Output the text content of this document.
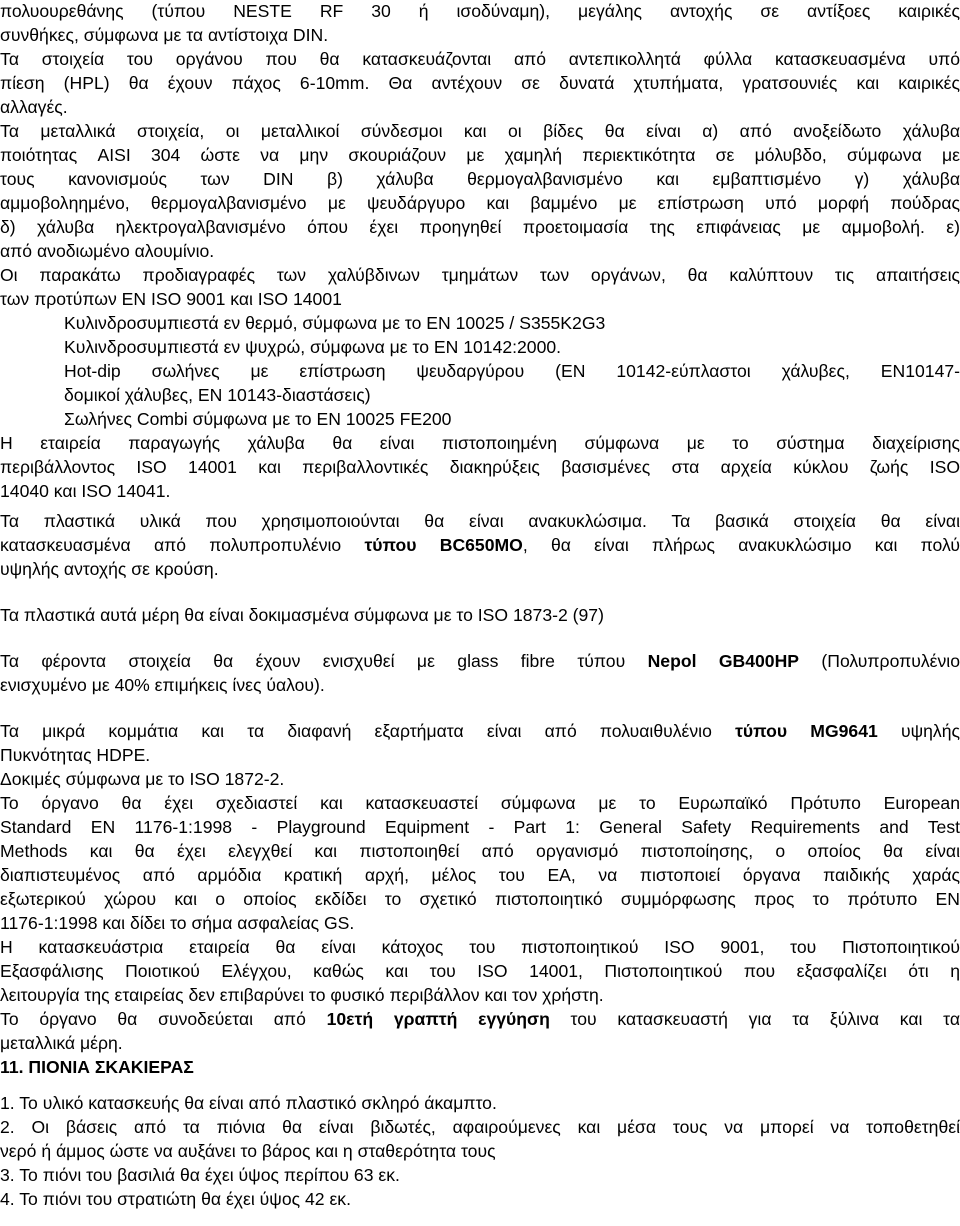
πολυουρεθάνης (τύπου NESTE RF 30 ή ισοδύναμη), μεγάλης αντοχής σε αντίξοες καιρικές
συνθήκες, σύμφωνα με τα αντίστοιχα DIN.
Τα στοιχεία του οργάνου που θα κατασκευάζονται από αντεπικολλητά φύλλα κατασκευασμένα υπό
πίεση (HPL) θα έχουν πάχος 6-10mm. Θα αντέχουν σε δυνατά χτυπήματα, γρατσουνιές και καιρικές
αλλαγές.
Τα μεταλλικά στοιχεία, οι μεταλλικοί σύνδεσμοι και οι βίδες θα είναι α) από ανοξείδωτο χάλυβα
ποιότητας AISI 304 ώστε να μην σκουριάζουν με χαμηλή περιεκτικότητα σε μόλυβδο, σύμφωνα με
τους κανονισμούς των DIN β) χάλυβα θερμογαλβανισμένο και εμβαπτισμένο γ) χάλυβα
αμμοβοληημένο, θερμογαλβανισμένο με ψευδάργυρο και βαμμένο με επίστρωση υπό μορφή πούδρας
δ) χάλυβα ηλεκτρογαλβανισμένο όπου έχει προηγηθεί προετοιμασία της επιφάνειας με αμμοβολή. ε)
από ανοδιωμένο αλουμίνιο.
Οι παρακάτω προδιαγραφές των χαλύβδινων τμημάτων των οργάνων, θα καλύπτουν τις απαιτήσεις
των προτύπων EN ISO 9001 και ISO 14001
Κυλινδροσυμπιεστά εν θερμό, σύμφωνα με το EN 10025 / S355K2G3
Κυλινδροσυμπιεστά εν ψυχρώ, σύμφωνα με το EN 10142:2000.
Hot-dip σωλήνες με επίστρωση ψευδαργύρου (EN 10142-εύπλαστοι χάλυβες, EN10147-
δομικοί χάλυβες, EN 10143-διαστάσεις)
Σωλήνες Combi σύμφωνα με το EN 10025 FE200
Η εταιρεία παραγωγής χάλυβα θα είναι πιστοποιημένη σύμφωνα με το σύστημα διαχείρισης
περιβάλλοντος ISO 14001 και περιβαλλοντικές διακηρύξεις βασισμένες στα αρχεία κύκλου ζωής ISO
14040 και ISO 14041.
Τα πλαστικά υλικά που χρησιμοποιούνται θα είναι ανακυκλώσιμα. Τα βασικά στοιχεία θα είναι
κατασκευασμένα από πολυπροπυλένιο τύπου BC650MO, θα είναι πλήρως ανακυκλώσιμο και πολύ
υψηλής αντοχής σε κρούση.
Τα πλαστικά αυτά μέρη θα είναι δοκιμασμένα σύμφωνα με το ISO 1873-2 (97)
Τα φέροντα στοιχεία θα έχουν ενισχυθεί με glass fibre τύπου Nepol GB400HP (Πολυπροπυλένιο
ενισχυμένο με 40% επιμήκεις ίνες ύαλου).
Τα μικρά κομμάτια και τα διαφανή εξαρτήματα είναι από πολυαιθυλένιο τύπου MG9641 υψηλής
Πυκνότητας HDPE.
Δοκιμές σύμφωνα με το ISO 1872-2.
Το όργανο θα έχει σχεδιαστεί και κατασκευαστεί σύμφωνα με το Ευρωπαϊκό Πρότυπο European
Standard EN 1176-1:1998 - Playground Equipment - Part 1: General Safety Requirements and Test
Methods και θα έχει ελεγχθεί και πιστοποιηθεί από οργανισμό πιστοποίησης, ο οποίος θα είναι
διαπιστευμένος από αρμόδια κρατική αρχή, μέλος του EA, να πιστοποιεί όργανα παιδικής χαράς
εξωτερικού χώρου και ο οποίος εκδίδει το σχετικό πιστοποιητικό συμμόρφωσης προς το πρότυπο EN
1176-1:1998 και δίδει το σήμα ασφαλείας GS.
Η κατασκευάστρια εταιρεία θα είναι κάτοχος του πιστοποιητικού ISO 9001, του Πιστοποιητικού
Εξασφάλισης Ποιοτικού Ελέγχου, καθώς και του ISO 14001, Πιστοποιητικού που εξασφαλίζει ότι η
λειτουργία της εταιρείας δεν επιβαρύνει το φυσικό περιβάλλον και τον χρήστη.
Το όργανο θα συνοδεύεται από 10ετή γραπτή εγγύηση του κατασκευαστή για τα ξύλινα και τα
μεταλλικά μέρη.
11. ΠΙΟΝΙΑ ΣΚΑΚΙΕΡΑΣ
1. Το υλικό κατασκευής θα είναι από πλαστικό σκληρό άκαμπτο.
2. Οι βάσεις από τα πιόνια θα είναι βιδωτές, αφαιρούμενες και μέσα τους να μπορεί να τοποθετηθεί
νερό ή άμμος ώστε να αυξάνει το βάρος και η σταθερότητα τους
3. Το πιόνι του βασιλιά θα έχει ύψος περίπου 63 εκ.
4. Το πιόνι του στρατιώτη θα έχει ύψος 42 εκ.
